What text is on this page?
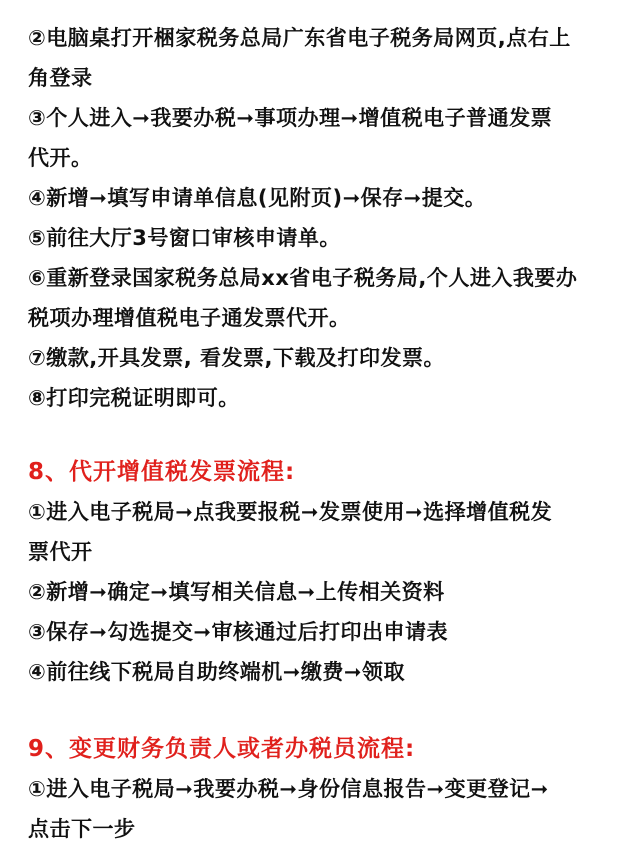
②电脑桌打开梱家税务总局广东省电子税务局网页,点右上
角登录
③个人进入➞我要办税➞事项办理➞增值税电子普通发票
代开。
④新增➞填写申请单信息(见附页)➞保存➞提交。
⑤前往大厅3号窗口审核申请单。
⑥重新登录国家税务总局xx省电子税务局,个人进入我要办
税项办理增值税电子通发票代开。
⑦缴款,开具发票, 看发票,下载及打印发票。
⑧打印完税证明即可。
8、代开增值税发票流程:
①进入电子税局➞点我要报税➞发票使用➞选择增值税发
票代开
②新增➞确定➞填写相关信息➞上传相关资料
③保存➞勾选提交➞审核通过后打印出申请表
④前往线下税局自助终端机➞缴费➞领取
9、变更财务负责人或者办税员流程:
①进入电子税局➞我要办税➞身份信息报告➞变更登记➞
点击下一步
